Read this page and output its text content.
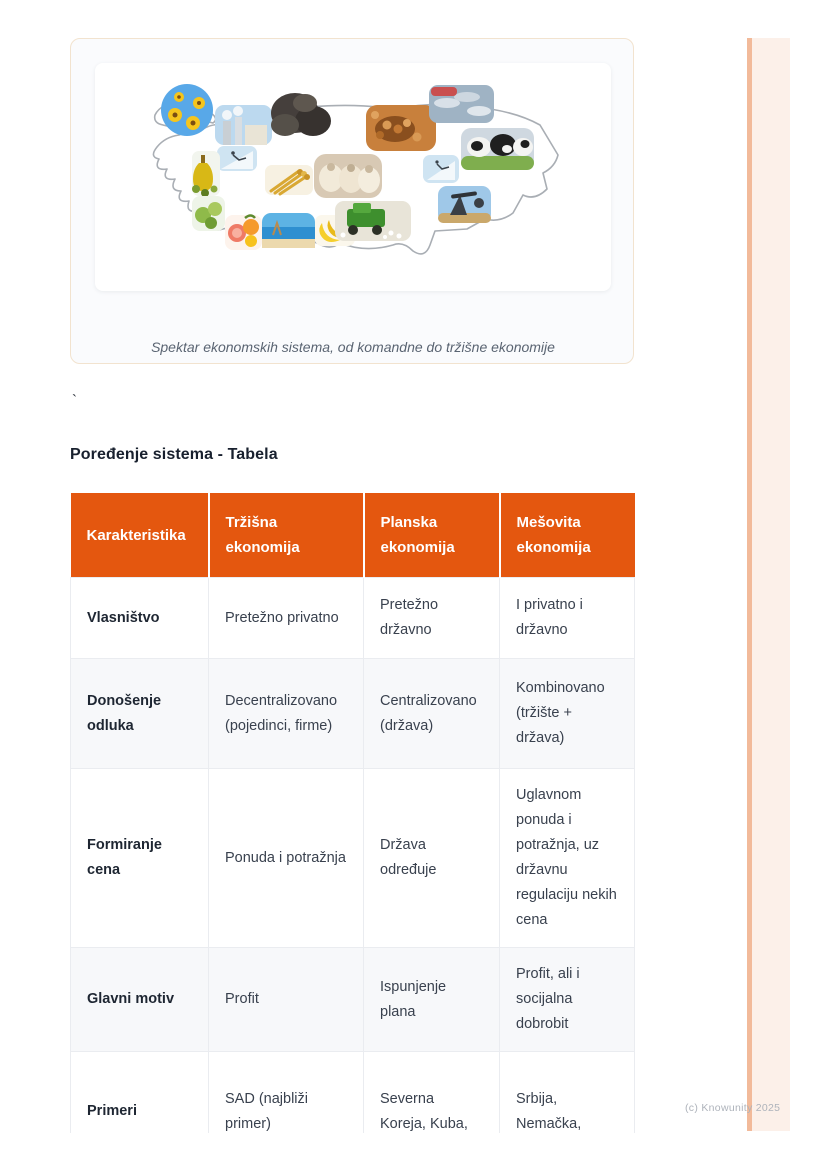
Spektar ekonomskih sistema, od komandne do tržišne ekonomije
`
Poređenje sistema - Tabela
Karakteristika	Tržišna ekonomija	Planska ekonomija	Mešovita ekonomija
Vlasništvo	Pretežno privatno	Pretežno državno	I privatno i državno
Donošenje odluka	Decentralizovano (pojedinci, firme)	Centralizovano (država)	Kombinovano (tržište + država)
Formiranje cena	Ponuda i potražnja	Država određuje	Uglavnom ponuda i potražnja, uz državnu regulaciju nekih cena
Glavni motiv	Profit	Ispunjenje plana	Profit, ali i socijalna dobrobit
Primeri	SAD (najbliži primer)	Severna Koreja, Kuba,	Srbija, Nemačka,
(c) Knowunity 2025
